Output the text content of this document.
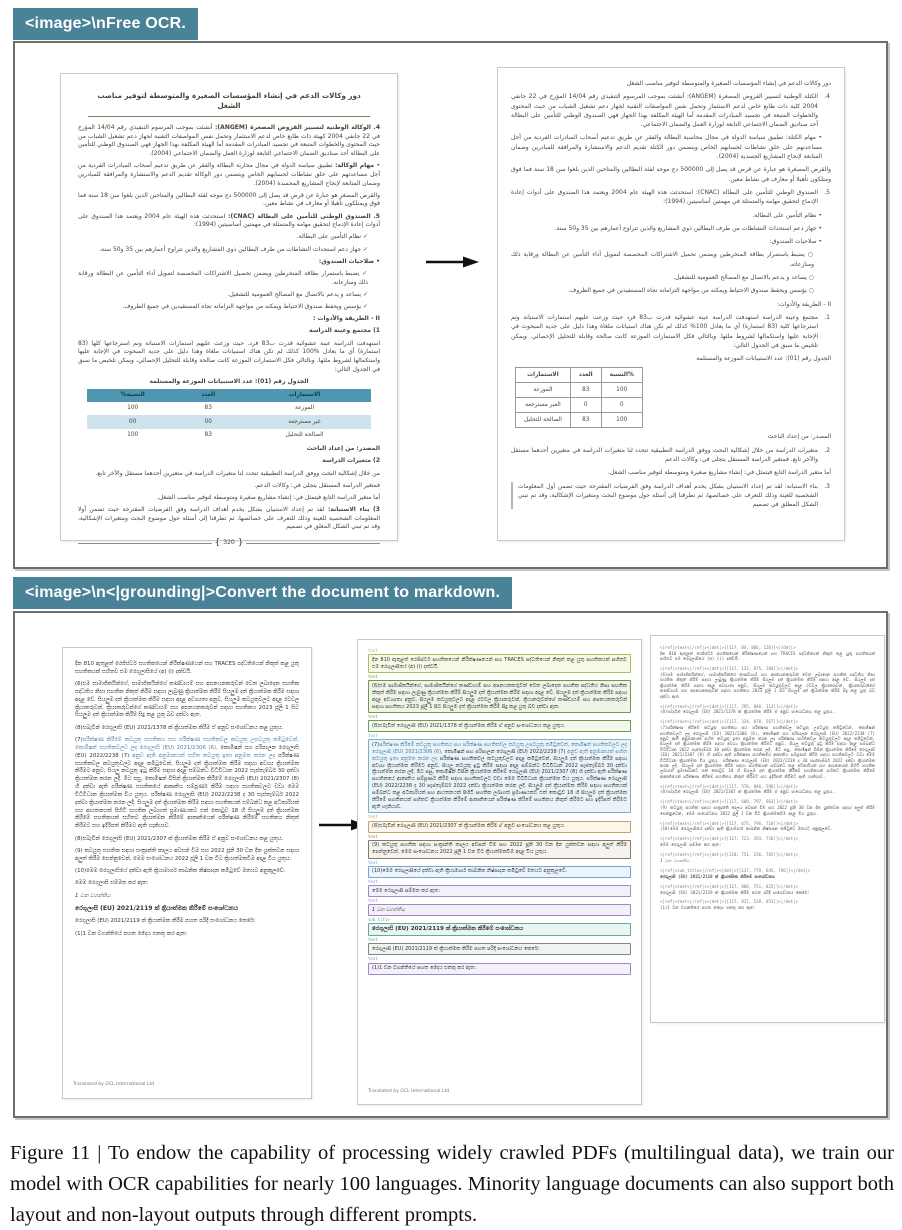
<image>\nFree OCR.
دور وكالات الدعم في إنشاء المؤسسات الصغيرة والمتوسطة لتوفير مناصب الشغل

4. الوكالة الوطنية لتسيير القروض المصغرة (ANGEM): أنشئت بموجب المرسوم التنفيذي رقم 14/04 المؤرخ في 22 جانفي 2004 كهيئة ذات طابع خاص لدعم الاستثمار وتحمل نفس المواصفات التقنية لجهاز دعم تشغيل الشباب من حيث المحتوى والخطوات المتبعة في تجسيد المبادرات المقدمة أما الهيئة المكلفة بهذا الجهاز فهي الصندوق الوطني للتأمين على البطالة أحد صناديق الضمان الاجتماعي التابعة لوزارة العمل والضمان الاجتماعي (2004).

• مهام الوكالة: تطبيق سياسة الدولة في مجال محاربة البطالة والفقر عن طريق تدعيم أصحاب المبادرات الفردية من أجل مساعدتهم على خلق نشاطات لحسابهم الخاص ويتضمن دور الوكالة تقديم الدعم والاستشارة والمرافقة للمبادرين وضمان المتابعة لإنجاح المشاريع المجسدة (2004).

والقرض المصغر هو عبارة عن قرض قد يصل إلى 500000 دج موجه لفئة البطالين والمتاحين الذين بلغوا سن 18 سنة فما فوق ويمتلكون تأهيلا أو معارف في نشاط معين.

5. الصندوق الوطني للتأمين على البطالة (CNAC): استحدثت هذه الهيئة عام 2004 ويعتمد هذا الصندوق على أدوات إعادة الإدماج لتحقيق مهامه والمتمثلة في مهمتين أساسيتين (1994):

✓ نظام التأمين على البطالة.

✓ جهاز دعم استحداث النشاطات من طرف البطالين ذوي المشاريع والذين تتراوح أعمارهم بين 35 و50 سنة.

• صلاحيات الصندوق:

✓ يضبط باستمرار بطاقة المنخرطين ويضمن تحصيل الاشتراكات المخصصة لتمويل أداء التأمين عن البطالة ورقابة ذلك ومنازعاته.

✓ يساعد و يدعم بالاتصال مع المصالح العمومية للتشغيل.

✓ يؤسس ويحفظ صندوق الاحتياط ويمكنه من مواجهة التزاماته تجاه المستفيدين في جميع الظروف.

II - الطريقة والأدوات :

1) مجتمع وعينة الدراسة

استهدفت الدراسة عينة عشوائية قدرت ب83 فرد. حيث وزعت عليهم استمارات الاستبانة وتم استرجاعها كلها (83 استمارة) أي ما يعادل %100 كذلك لم تكن هناك استبيانات ملغاة وهذا دليل على جدية المبحوث في الإجابة عليها واستكمالها لشروط ملئها. وبالتالي فكل الاستمارات الموزعة كانت صالحة وقابلة للتحليل الإحصائي، ويمكن تلخيص ما سبق في الجدول التالي:

الجدول رقم (01): عدد الاستبيانات الموزعة والمستلمة
الاستمارات	العدد	النسبة%
الموزعة	83	100
غير مسترجعة	00	00
الصالحة للتحليل	83	100

المصدر: من إعداد الباحث

2) متغيرات الدراسة

من خلال إشكالية البحث ووفق الدراسة التطبيقية تتحدد لنا متغيرات الدراسة في متغيرين أحدهما مستقل والآخر تابع.

فمتغير الدراسة المستقل يتجلى في: وكالات الدعم.

أما متغير الدراسة التابع فيتمثل في: إنشاء مشاريع صغيرة ومتوسطة لتوفير مناصب الشغل.

3) بناء الاستبانة: لقد تم إعداد الاستبيان بشكل يخدم أهداف الدراسة وفق الفرضيات المقترحة حيث تضمن أولا المعلومات الشخصية للعينة وذلك للتعرف على خصائصها، ثم تطرقنا إلى أسئلة حول موضوع البحث ومتغيرات الإشكالية، وقد تم تبني الشكل المغلق في تصميم

{
320
}

دور وكالات الدعم في إنشاء المؤسسات الصغيرة والمتوسطة لتوفير مناصب الشغل

4.
الكتلة الوطنية لتسيير القروض المصغرة (ANGEM): أنشئت بموجب المرسوم التنفيذي رقم 14/04 المؤرخ في 22 جانفي 2004 كلية ذات طابع خاص لدعم الاستثمار وتحمل نفس المواصفات التقنية لجهاز دعم تشغيل الشباب من حيث المحتوى والخطوات المتبعة في تجسيد المبادرات المقدمة أما الهيئة المكلفة بهذا الجهاز فهي الصندوق الوطني للتأمين على البطالة أحد صناديق الضمان الاجتماعي التابعة لوزارة العمل والضمان الاجتماعي.

• مهام الكتلة: تطبيق سياسة الدولة في مجال محاسبة البطالة والفقر عن طريق تدعيم أصحاب المبادرات الفردية من أجل مساعدتهم على خلق نشاطات لحسابهم الخاص ويتضمن دور الكتلة تقديم الدعم والاستشارة والمرافقة للمبادرين وضمان المتابعة لإنجاح المشاريع الجسدية (2004).

والقرض المصغرة هو عبارة عن قرض قد يصل إلى 500000 دج موجه لفئة البطالين والمتاحين الذين بلغوا سن 18 سنة فما فوق ومتلكون تأهيلا أو معارف في نشاط معين.

5.
الصندوق الوطني للتأمين على البطالة (CNAC): استحدثت هذه الهيئة عام 2004 ويعتمد هذا الصندوق على أدوات إعادة الإدماج لتحقيق مهامه والمتمثلة في مهمتين أساسيتين (1994):

• نظام التأمين على البطالة.

• جهاز دعم استحداث النشاطات من طرف البطالين ذوي المشاريع والذين تتراوح أعمارهم بين 35 و50 سنة.

• صلاحيات الصندوق:

○ يضبط باستمرار بطاقة المنخرطين ويضمن تحميل الاشتراكات المخصصة لتمويل أداء التأمين عن البطالة ورقابة ذلك ومنازعاته.

○ يساعد و يدعم بالاتصال مع المصالح العمومية للتشغيل.

○ يؤسس ويحفظ صندوق الاحتياط ويمكنه من مواجهة التزاماته تجاه المستفيدين في جميع الظروف.

II - الطريقة والأدوات:

1.
مجتمع وعينة الدراسة استهدفت الدراسة عينة عشوائية قدرت ب83 فرد حيث وزعت عليهم استمارات الاستبانة وتم استرجاعها كلية (83 استمارة) أي ما يعادل 100% كذلك لم تكن هناك استبانات ملغاة وهذا دليل على جدية المبحوث في الإجابة عليها واستكمالها لشروط ملئها. وبالتالي فكل الاستمارات الموزعة كانت صالحة وقابلة للتحليل الإحصائي. ويمكن تلخيص ما سبق في الجدول التالي:

الجدول رقم (01): عدد الاستبيانات الموزعة والمستلمة

الاستمارات	العدد	النسبة%
الموزعة	83	100
الغير مسترجعة	0	0
الصالحة للتحليل	83	100

المصدر: من إعداد الباحث

2.
متغيرات الدراسة من خلال إشكالية البحث ووفق الدراسة التطبيقية تتحدد لنا متغيرات الدراسة في متغيرين أحدهما مستقل والآخر تابع. فمتغير الدراسة المستقل يتجلى في: وكالات الدعم

أما متغير الدراسة التابع فيتمثل في: إنشاء مشاريع صغيرة ومتوسطة لتوفير مناصب الشغل.

3.
بناء الاستبانة: لقد تم إعداد الاستبيان بشكل يخدم أهداف الدراسة وفق الفرضيات المقترحة حيث تضمن أول المعلومات الشخصية للعينة وذلك للتعرف على خصائصها، ثم تطرقنا إلى أسئلة حول موضوع البحث ومتغيرات الإشكالية، وقد تم تبني الشكل المطلق في تصميم

<image>\n<|grounding|>Convert the document to markdown.

දින 810 ඇතුළත් රෙජිස්ටර් සහතිකයෙන් නිරීක්ෂණයෙන් සහ TRACES පද්ධතියෙන් නිකුත් කළ යුතු සහතිකයක් සහිතව එම රෙගුලාසියේ (අ) (i) දක්වයි.

(6)එම සාමාජිකයින්ගේ, සාමාජිකයින්ගේ කණ්ඩායම් සහ අපනයනකරුවන් වෙත ලබාදෙන සහතික පද්ධතිය නිසා සහතික නිකුත් කිරීම සඳහා ලැබුණු ක්‍රියාත්මක කිරීම් සියලුම දත් ක්‍රියාත්මක කිරීම සඳහා අදාළ වේ. සියලුම දත් ක්‍රියාත්මක කිරීම සඳහා අදාළ අවශ්‍යතා අනුව, සියලුම කටයුතුවලට අදාළ රටවල ක්‍රියාකරුවන්, ක්‍රියාකරුවන්ගේ කණ්ඩායම් සහ අපනයනකරුවන් සඳහා සහතිකය 2023 ජූලි 1 සිට සියලුම දත් ක්‍රියාත්මක කිරීම් සිදු කළ යුතු බව දක්වා ඇත.

(8)එබැවින් රෙගුලාසි (EU) 2021/1378 ක් ක්‍රියාත්මක කිරීම ඒ අනුව සංශෝධනය කළ යුතුය.

(7)පරීක්ෂණ කිරීමේ කටයුතු සහතිකය සහ පරීක්ෂණ සහතිකවල කටයුතු උපටයුතු කමිටුවෙන්, කොමිෂන් සහතිකවලට ලද රෙගුලාසි (EU) 2021/2306 (6), කොමිෂන් සහ පරිපාලන රෙගුලාසි (EU) 2022/2238 (7) අනුව ඇති අනුමානයක් සහිත කටයුතු ඉතා අනුමත කරන ලද පරීක්ෂණ සහතිකවල කටයුතුවලට අදාළ කමිටුවෙන්, සියලුම දත් ක්‍රියාත්මක කිරීම සඳහා අවශ්‍ය ක්‍රියාත්මක කිරීමට අනුව, සියලු කටයුතු ඉටු කිරීම සඳහා අදාළ සම්බන්ධ විධිවිධාන 2022 සැප්තැම්බර් 30 දක්වා ක්‍රියාත්මක කරන ලදී. මීට පසු, කොමිෂන් විසින් ක්‍රියාත්මක කිරීමේ රෙගුලාසි (EU) 2021/2307 (8) හි දක්වා ඇති පරීක්ෂණ සහතිකයේ ආකෘතිය සම්පූර්ණ කිරීම සඳහා සහතිකවලට වඩා මෙම විධිවිධාන ක්‍රියාත්මක විය යුතුය. පරීක්ෂණ රෙගුලාසි (EU) 2022/2238 ද 30 සැප්තැම්බර් 2022 දක්වා ක්‍රියාත්මක කරන ලදී. සියලුම දත් ක්‍රියාත්මක කිරීම සඳහා සහතිකයක් සම්බන්ධ කළ අධිකාරියක් සහ ආයතනයක් පිහිටි සහතික ලබාගත් ප්‍රමාණයකට එක් කොටුව 18 හි සියලුම දත් ක්‍රියාත්මක කිරීමේ සහතිකයක් සහිතව ක්‍රියාත්මක කිරීමේ ආකෘතියෙන් පරීක්ෂණ කිරීමේ සහතිකය නිකුත් කිරීමට සහ ඉදිරිපත් කිරීමට ඇති හැකියාව.

(8)එබැවින් රෙගුලාසි (EU) 2021/2307 ක් ක්‍රියාත්මක කිරීම ඒ අනුව සංශෝධනය කළ යුතුය.

(9) කටයුතු සහතික සඳහා සංක්‍රාන්ති කාලය අවසන් වීම සහ 2022 ජූනි 30 වන දින යුක්තවන සඳහා අලුත් කිරීම පෙන්නුවෙන්, මෙම සංශෝධනය 2022 ජූලි 1 වන විට ක්‍රියාත්මකවීම අදාළ විය යුතුය.

(10)මෙම රෙගුලාසියේ දක්වා ඇති ක්‍රියාමාර්ග කාබනික නිෂ්පාදන කමිටුවේ මතයට අනුකූලවේ.

මෙම රෙගුලාසි සම්මත කර ඇත:

1 වන වගන්තිය

රෙගුලාසි (EU) 2021/2119 ක් ක්‍රියාත්මක කිරීමේ සංශෝධනය

රෙගුලාසි (EU) 2021/2119 ක් ක්‍රියාත්මක කිරීම පහත පරිදි සංශෝධනය කෙරේ:

(1)1 වන වගන්තියේ පහත ඡේදය එකතු කර ඇත:

Translated by GCL International Ltd
text

දින 810 ඇතුළත් රෙජිස්ටර් සහතිකයෙන් නිරීක්ෂණයෙන් සහ TRACES පද්ධතියෙන් නිකුත් කළ යුතු සහතිකයක් සහිතව එම රෙගුලාසියේ (අ) (i) දක්වයි.

text

(6)එම සාමාජිකයින්ගේ, සාමාජිකයින්ගේ කණ්ඩායම් සහ අපනයනකරුවන් වෙත ලබාදෙන සහතික පද්ධතිය නිසා සහතික නිකුත් කිරීම සඳහා ලැබුණු ක්‍රියාත්මක කිරීම් සියලුම දත් ක්‍රියාත්මක කිරීම සඳහා අදාළ වේ. සියලුම දත් ක්‍රියාත්මක කිරීම සඳහා අදාළ අවශ්‍යතා අනුව, සියලුම කටයුතුවලට අදාළ රටවල ක්‍රියාකරුවන්, ක්‍රියාකරුවන්ගේ කණ්ඩායම් සහ අපනයනකරුවන් සඳහා සහතිකය 2023 ජූලි 1 සිට සියලුම දත් ක්‍රියාත්මක කිරීම් සිදු කළ යුතු බව දක්වා ඇත.

text

(8)එබැවින් රෙගුලාසි (EU) 2021/1378 ක් ක්‍රියාත්මක කිරීම ඒ අනුව සංශෝධනය කළ යුතුය.

text

(7)පරීක්ෂණ කිරීමේ කටයුතු සහතිකය සහ පරීක්ෂණ සහතිකවල කටයුතු උපටයුතු කමිටුවෙන්, කොමිෂන් සහතිකවලට ලද රෙගුලාසි (EU) 2021/2306 (6), කොමිෂන් සහ පරිපාලන රෙගුලාසි (EU) 2022/2238 (7) අනුව ඇති අනුමානයක් සහිත කටයුතු ඉතා අනුමත කරන ලද පරීක්ෂණ සහතිකවල කටයුතුවලට අදාළ කමිටුවෙන්, සියලුම දත් ක්‍රියාත්මක කිරීම සඳහා අවශ්‍ය ක්‍රියාත්මක කිරීමට අනුව, සියලු කටයුතු ඉටු කිරීම සඳහා අදාළ සම්බන්ධ විධිවිධාන 2022 සැප්තැම්බර් 30 දක්වා ක්‍රියාත්මක කරන ලදී. මීට පසු, කොමිෂන් විසින් ක්‍රියාත්මක කිරීමේ රෙගුලාසි (EU) 2021/2307 (8) හි දක්වා ඇති පරීක්ෂණ සහතිකයේ ආකෘතිය සම්පූර්ණ කිරීම සඳහා සහතිකවලට වඩා මෙම විධිවිධාන ක්‍රියාත්මක විය යුතුය. පරීක්ෂණ රෙගුලාසි (EU) 2022/2238 ද 30 සැප්තැම්බර් 2022 දක්වා ක්‍රියාත්මක කරන ලදී. සියලුම දත් ක්‍රියාත්මක කිරීම සඳහා සහතිකයක් සම්බන්ධ කළ අධිකාරියක් සහ ආයතනයක් පිහිටි සහතික ලබාගත් ප්‍රමාණයකට එක් කොටුව 18 හි සියලුම දත් ක්‍රියාත්මක කිරීමේ සහතිකයක් සහිතව ක්‍රියාත්මක කිරීමේ ආකෘතියෙන් පරීක්ෂණ කිරීමේ සහතිකය නිකුත් කිරීමට සහ ඉදිරිපත් කිරීමට ඇති හැකියාව.

text

(8)එබැවින් රෙගුලාසි (EU) 2021/2307 ක් ක්‍රියාත්මක කිරීම ඒ අනුව සංශෝධනය කළ යුතුය.

text

(9) කටයුතු සහතික සඳහා සංක්‍රාන්ති කාලය අවසන් වීම සහ 2022 ජූනි 30 වන දින යුක්තවන සඳහා අලුත් කිරීම පෙන්නුවෙන්, මෙම සංශෝධනය 2022 ජූලි 1 වන විට ක්‍රියාත්මකවීම අදාළ විය යුතුය.

text

(10)මෙම රෙගුලාසියේ දක්වා ඇති ක්‍රියාමාර්ග කාබනික නිෂ්පාදන කමිටුවේ මතයට අනුකූලවේ.

text

මෙම රෙගුලාසි සම්මත කර ඇත:

text

1 වන වගන්තිය

sub_title

රෙගුලාසි (EU) 2021/2119 ක් ක්‍රියාත්මක කිරීමේ සංශෝධනය

text

රෙගුලාසි (EU) 2021/2119 ක් ක්‍රියාත්මක කිරීම පහත පරිදි සංශෝධනය කෙරේ:

text

(1)1 වන වගන්තියේ පහත ඡේදය එකතු කර ඇත:

Translated by GCL International Ltd
<|ref|>text<|/ref|><|det|>[[117, 84, 886, 120]]<|/det|>
දින 810 ඇතුළත් රෙජිස්ටර් සහතිකයෙන් නිරීක්ෂණයෙන් සහ TRACES පද්ධතියෙන් නිකුත් කළ යුතු සහතිකයක් සහිතව එම රෙගුලාසියේ (අ) (i) දක්වයි.
<|ref|>text<|/ref|><|det|>[[117, 132, 875, 284]]<|/det|>
(6)එම සාමාජිකයින්ගේ, සාමාජිකයින්ගේ කණ්ඩායම් සහ අපනයනකරුවන් වෙත ලබාදෙන සහතික පද්ධතිය නිසා සහතික නිකුත් කිරීම සඳහා ලැබුණු ක්‍රියාත්මක කිරීම් සියලුම දත් ක්‍රියාත්මක කිරීම සඳහා අදාළ වේ. සියලුම දත් ක්‍රියාත්මක කිරීම සඳහා අදාළ අවශ්‍යතා අනුව, සියලුම කටයුතුවලට අදාළ රටවල ක්‍රියාකරුවන්, ක්‍රියාකරුවන්ගේ කණ්ඩායම් සහ අපනයනකරුවන් සඳහා සහතිකය 2023 ජූලි 1 සිට සියලුම දත් ක්‍රියාත්මක කිරීම් සිදු කළ යුතු බව දක්වා ඇත.
<|ref|>text<|/ref|><|det|>[[117, 295, 840, 313]]<|/det|>
(8)එබැවින් රෙගුලාසි (EU) 2021/1378 ක් ක්‍රියාත්මක කිරීම ඒ අනුව සංශෝධනය කළ යුතුය.
<|ref|>text<|/ref|><|det|>[[117, 324, 870, 567]]<|/det|>
(7)පරීක්ෂණ කිරීමේ කටයුතු සහතිකය සහ පරීක්ෂණ සහතිකවල කටයුතු උපටයුතු කමිටුවෙන්, කොමිෂන් සහතිකවලට ලද රෙගුලාසි (EU) 2021/2306 (6), කොමිෂන් සහ පරිපාලන රෙගුලාසි (EU) 2022/2238 (7) අනුව ඇති අනුමානයක් සහිත කටයුතු ඉතා අනුමත කරන ලද පරීක්ෂණ සහතිකවල කටයුතුවලට අදාළ කමිටුවෙන්, සියලුම දත් ක්‍රියාත්මක කිරීම සඳහා අවශ්‍ය ක්‍රියාත්මක කිරීමට අනුව, සියලු කටයුතු ඉටු කිරීම සඳහා අදාළ සම්බන්ධ විධිවිධාන 2022 සැප්තැම්බර් 30 දක්වා ක්‍රියාත්මක කරන ලදී. මීට පසු, කොමිෂන් විසින් ක්‍රියාත්මක කිරීමේ රෙගුලාසි (EU) 2021/2307 (8) හි දක්වා ඇති පරීක්ෂණ සහතිකයේ ආකෘතිය සම්පූර්ණ කිරීම සඳහා සහතිකවලට වඩා මෙම විධිවිධාන ක්‍රියාත්මක විය යුතුය. පරීක්ෂණ රෙගුලාසි (EU) 2022/2238 ද 30 සැප්තැම්බර් 2022 දක්වා ක්‍රියාත්මක කරන ලදී. සියලුම දත් ක්‍රියාත්මක කිරීම සඳහා සහතිකයක් සම්බන්ධ කළ අධිකාරියක් සහ ආයතනයක් පිහිටි සහතික ලබාගත් ප්‍රමාණයකට එක් කොටුව 18 හි සියලුම දත් ක්‍රියාත්මක කිරීමේ සහතිකයක් සහිතව ක්‍රියාත්මක කිරීමේ ආකෘතියෙන් පරීක්ෂණ කිරීමේ සහතිකය නිකුත් කිරීමට සහ ඉදිරිපත් කිරීමට ඇති හැකියාව.
<|ref|>text<|/ref|><|det|>[[117, 578, 846, 596]]<|/det|>
(8)එබැවින් රෙගුලාසි (EU) 2021/2307 ක් ක්‍රියාත්මක කිරීම ඒ අනුව සංශෝධනය කළ යුතුය.
<|ref|>text<|/ref|><|det|>[[117, 608, 797, 663]]<|/det|>
(9) කටයුතු සහතික සඳහා සංක්‍රාන්ති කාලය අවසන් වීම සහ 2022 ජූනි 30 වන දින යුක්තවන සඳහා අලුත් කිරීම පෙන්නුවෙන්, මෙම සංශෝධනය 2022 ජූලි 1 වන විට ක්‍රියාත්මකවීම අදාළ විය යුතුය.
<|ref|>text<|/ref|><|det|>[[117, 675, 796, 710]]<|/det|>
(10)මෙම රෙගුලාසියේ දක්වා ඇති ක්‍රියාමාර්ග කාබනික නිෂ්පාදන කමිටුවේ මතයට අනුකූලවේ.
<|ref|>text<|/ref|><|det|>[[117, 723, 393, 736]]<|/det|>
මෙම රෙගුලාසි සම්මත කර ඇත:
<|ref|>text<|/ref|><|det|>[[118, 751, 256, 765]]<|/det|>
1 වන වගන්තිය
<|ref|>sub_title<|/ref|><|det|>[[117, 779, 645, 796]]<|/det|>
රෙගුලාසි (EU) 2021/2119 ක් ක්‍රියාත්මක කිරීමේ සංශෝධනය
<|ref|>text<|/ref|><|det|>[[117, 808, 751, 825]]<|/det|>
රෙගුලාසි (EU) 2021/2119 ක් ක්‍රියාත්මක කිරීම පහත පරිදි සංශෝධනය කෙරේ:
<|ref|>text<|/ref|><|det|>[[117, 837, 539, 853]]<|/det|>
(1)1 වන වගන්තියේ පහත ඡේදය එකතු කර ඇත:
Figure 11 | To endow the capability of processing widely crawled PDFs (multilingual data), we train our model with OCR capabilities for nearly 100 languages. Minority language documents can also support both layout and non-layout outputs through different prompts.
